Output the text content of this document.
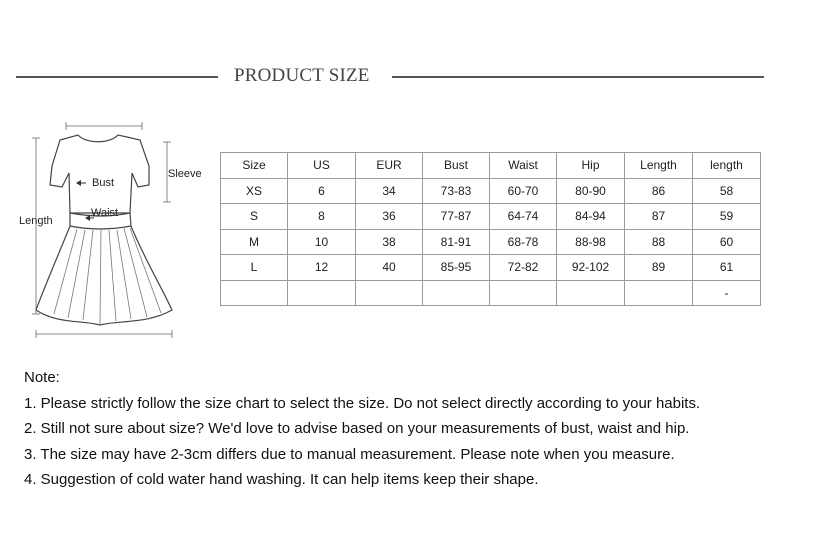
PRODUCT SIZE
Bust
Waist
Length
Sleeve
Size	US	EUR	Bust	Waist	Hip	Length	length
XS	6	34	73-83	60-70	80-90	86	58
S	8	36	77-87	64-74	84-94	87	59
M	10	38	81-91	68-78	88-98	88	60
L	12	40	85-95	72-82	92-102	89	61
							-
Note:
1. Please strictly follow the size chart to select the size. Do not select directly according to your habits.
2. Still not sure about size? We'd love to advise based on your measurements of bust, waist and hip.
3. The size may have 2-3cm differs due to manual measurement. Please note when you measure.
4. Suggestion of cold water hand washing. It can help items keep their shape.
